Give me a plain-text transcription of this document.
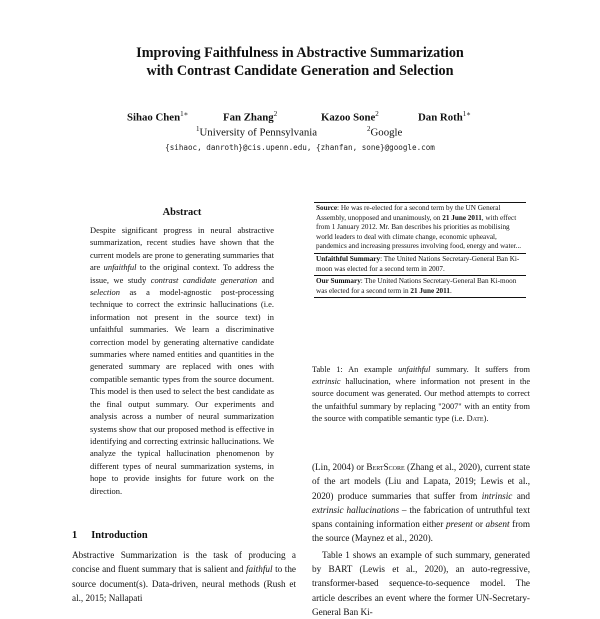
Improving Faithfulness in Abstractive Summarization
with Contrast Candidate Generation and Selection
Sihao Chen$^{1∗}$	Fan Zhang$^2$	Kazoo Sone$^2$	Dan Roth$^{1∗}$
$^1$University of Pennsylvania	$^2$Google
{sihaoc, danroth}@cis.upenn.edu, {zhanfan, sone}@google.com
Abstract
Despite significant progress in neural abstractive summarization, recent studies have shown that the current models are prone to generating summaries that are unfaithful to the original context. To address the issue, we study contrast candidate generation and selection as a model-agnostic post-processing technique to correct the extrinsic hallucinations (i.e. information not present in the source text) in unfaithful summaries. We learn a discriminative correction model by generating alternative candidate summaries where named entities and quantities in the generated summary are replaced with ones with compatible semantic types from the source document. This model is then used to select the best candidate as the final output summary. Our experiments and analysis across a number of neural summarization systems show that our proposed method is effective in identifying and correcting extrinsic hallucinations. We analyze the typical hallucination phenomenon by different types of neural summarization systems, in hope to provide insights for future work on the direction.
1 Introduction
Abstractive Summarization is the task of producing a concise and fluent summary that is salient and faithful to the source document(s). Data-driven, neural methods (Rush et al., 2015; Nallapati
Source: He was re-elected for a second term by the UN General Assembly, unopposed and unanimously, on 21 June 2011, with effect from 1 January 2012. Mr. Ban describes his priorities as mobilising world leaders to deal with climate change, economic upheaval, pandemics and increasing pressures involving food, energy and water...
Unfaithful Summary: The United Nations Secretary-General Ban Ki-moon was elected for a second term in 2007.
Our Summary: The United Nations Secretary-General Ban Ki-moon was elected for a second term in 21 June 2011.
Table 1: An example unfaithful summary. It suffers from extrinsic hallucination, where information not present in the source document was generated. Our method attempts to correct the unfaithful summary by replacing "2007" with an entity from the source with compatible semantic type (i.e. Date).

(Lin, 2004) or BertScore (Zhang et al., 2020), current state of the art models (Liu and Lapata, 2019; Lewis et al., 2020) produce summaries that suffer from intrinsic and extrinsic hallucinations – the fabrication of untruthful text spans containing information either present or absent from the source (Maynez et al., 2020).

Table 1 shows an example of such summary, generated by BART (Lewis et al., 2020), an auto-regressive, transformer-based sequence-to-sequence model. The article describes an event where the former UN-Secretary-General Ban Ki-
